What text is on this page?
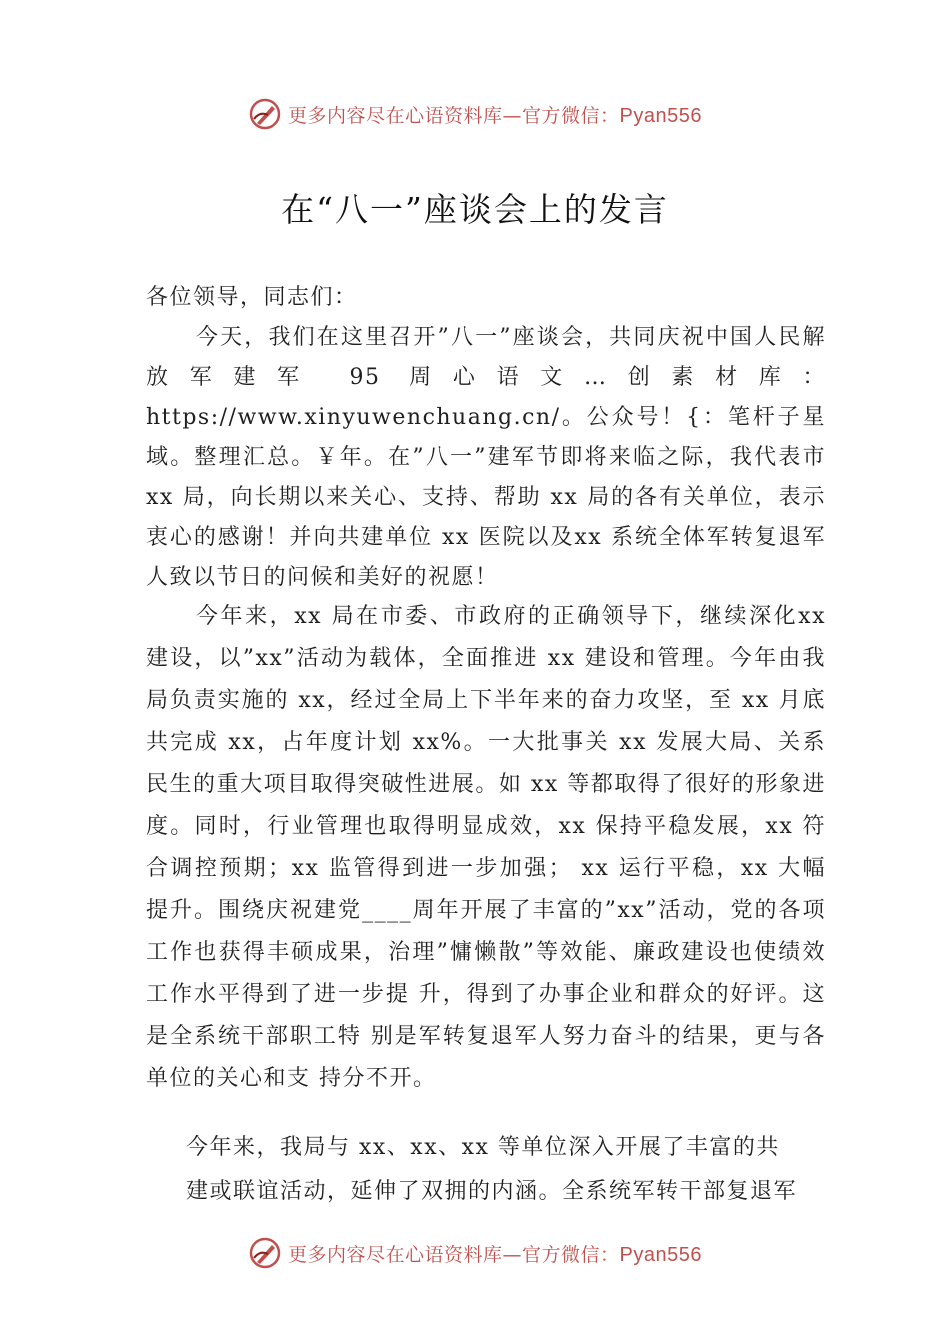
更多内容尽在心语资料库—官方微信：Pyan556
在“八一”座谈会上的发言

各位领导，同志们：

今天，我们在这里召开”八一”座谈会，共同庆祝中国人民解放军建军 95 周心语文…创素材库：https://www.xinyuwenchuang.cn/。公众号！{：笔杆子星域。整理汇总。￥年。在”八一”建军节即将来临之际，我代表市xx 局，向长期以来关心、支持、帮助 xx 局的各有关单位，表示衷心的感谢！并向共建单位 xx 医院以及xx 系统全体军转复退军人致以节日的问候和美好的祝愿！

今年来，xx 局在市委、市政府的正确领导下，继续深化xx 建设，以”xx”活动为载体，全面推进 xx 建设和管理。今年由我局负责实施的 xx，经过全局上下半年来的奋力攻坚，至 xx 月底共完成 xx，占年度计划 xx%。一大批事关 xx 发展大局、关系民生的重大项目取得突破性进展。如 xx 等都取得了很好的形象进度。同时，行业管理也取得明显成效，xx 保持平稳发展，xx 符合调控预期；xx 监管得到进一步加强； xx 运行平稳，xx 大幅提升。围绕庆祝建党____周年开展了丰富的”xx”活动，党的各项工作也获得丰硕成果，治理”慵懒散”等效能、廉政建设也使绩效工作水平得到了进一步提 升，得到了办事企业和群众的好评。这是全系统干部职工特 别是军转复退军人努力奋斗的结果，更与各单位的关心和支 持分不开。

今年来，我局与 xx、xx、xx 等单位深入开展了丰富的共

建或联谊活动，延伸了双拥的内涵。全系统军转干部复退军

更多内容尽在心语资料库—官方微信：Pyan556
